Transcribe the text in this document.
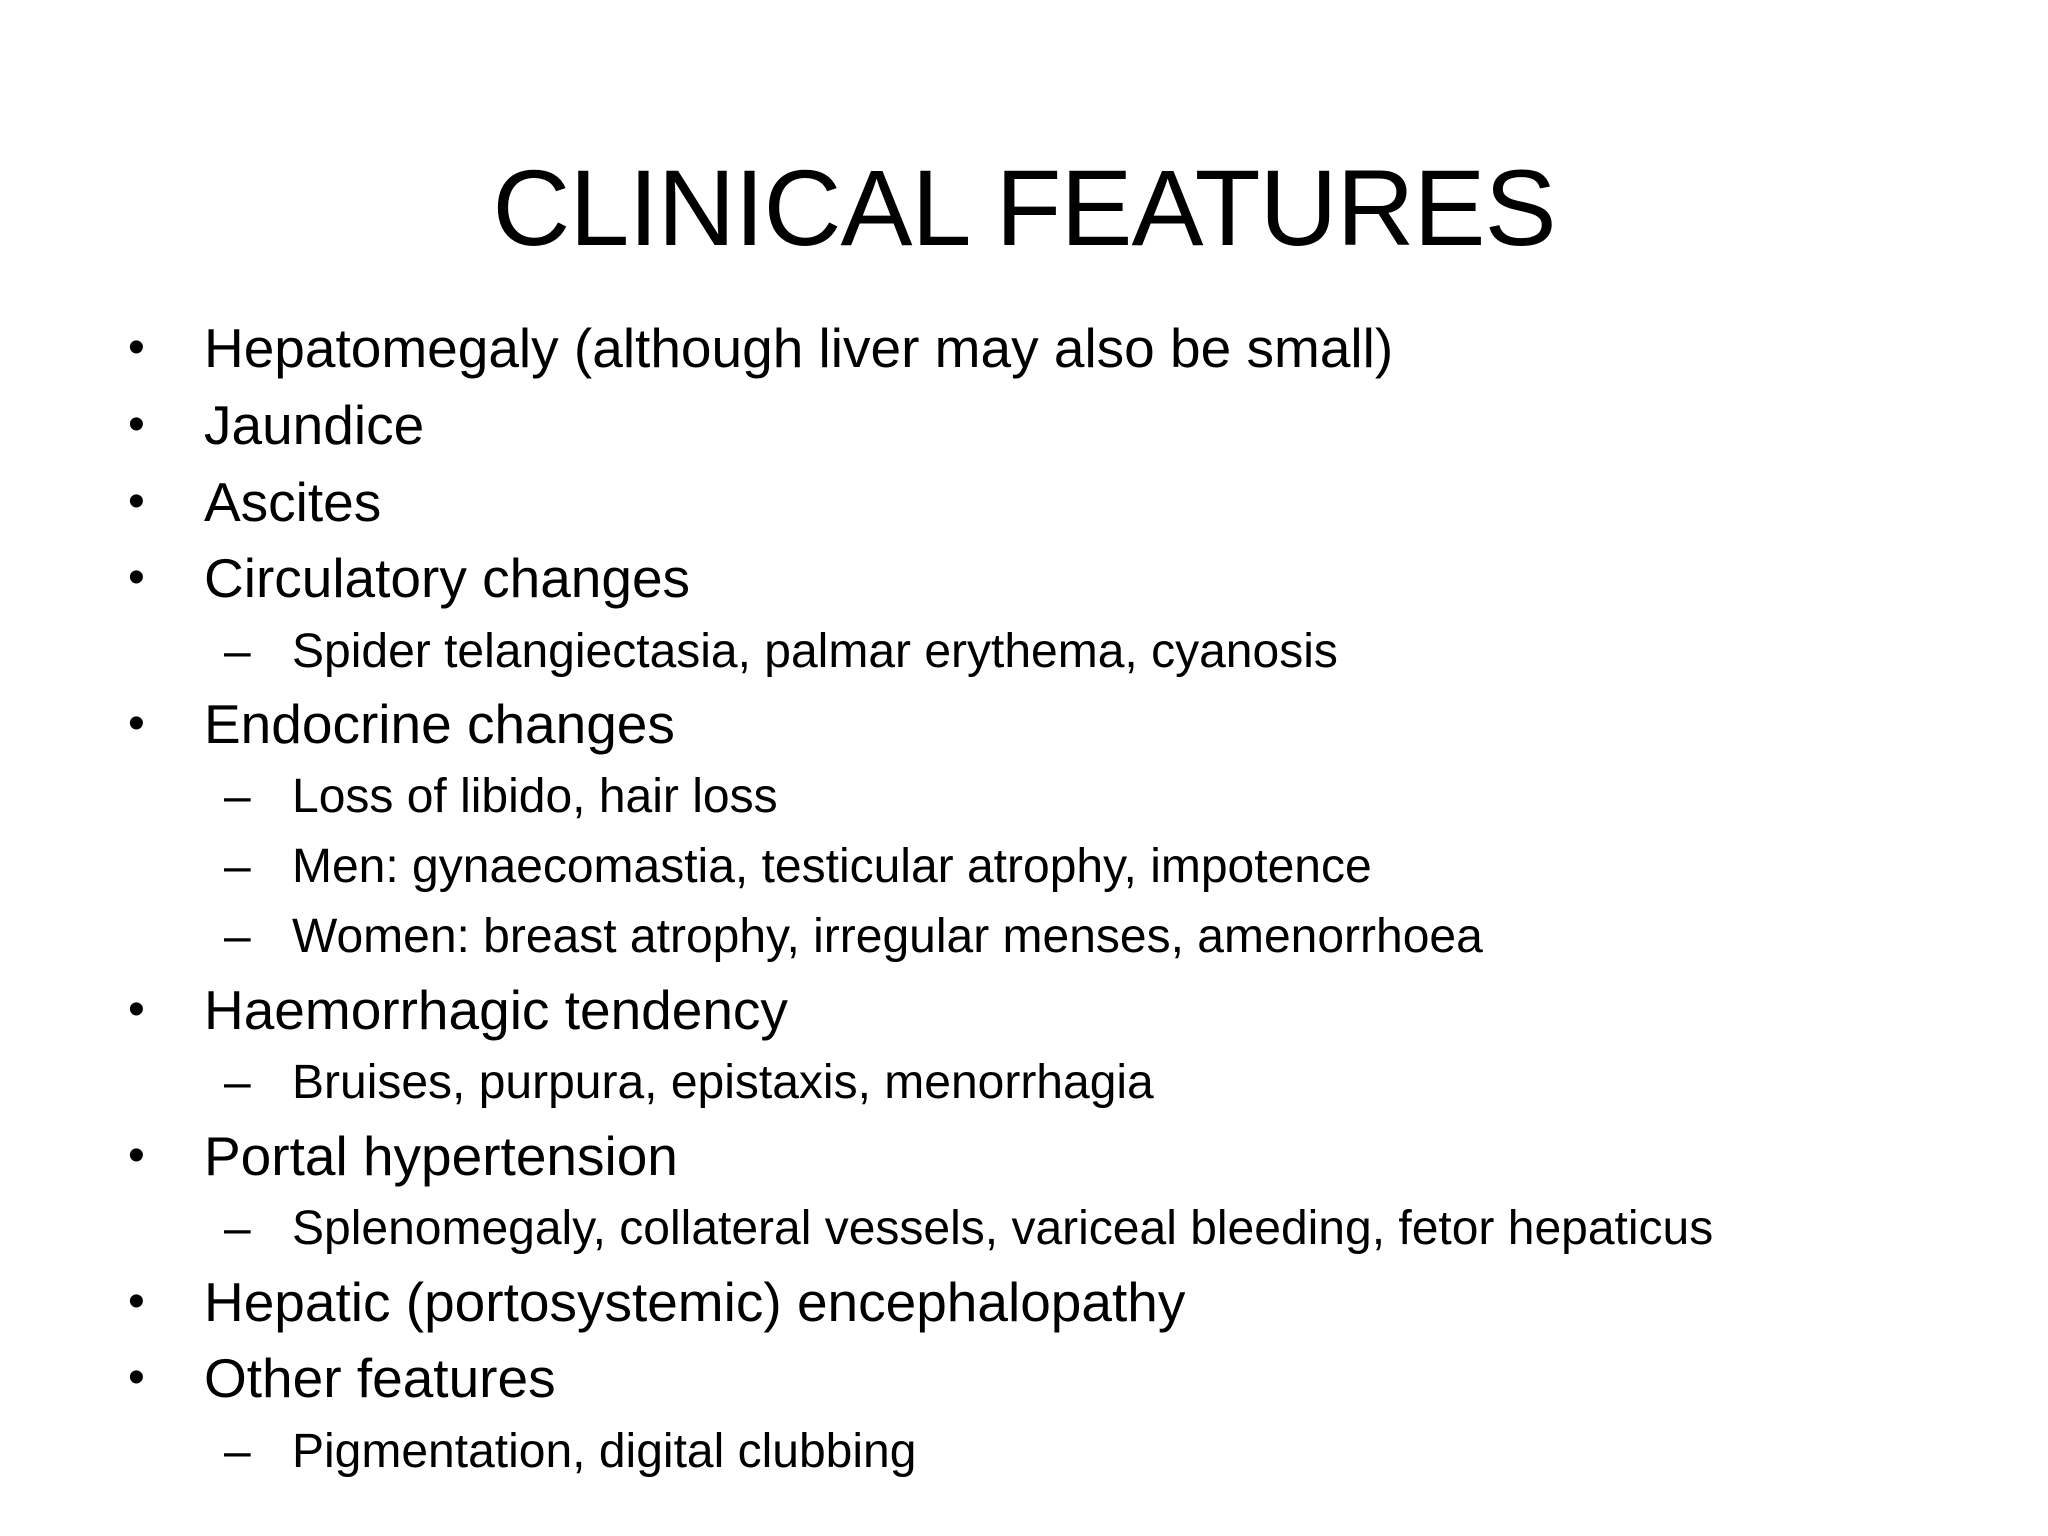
CLINICAL FEATURES
•	Hepatomegaly (although liver may also be small)
•	Jaundice
•	Ascites
•	Circulatory changes
– Spider telangiectasia, palmar erythema, cyanosis
•	Endocrine changes
– Loss of libido, hair loss
– Men: gynaecomastia, testicular atrophy, impotence
– Women: breast atrophy, irregular menses, amenorrhoea
•	Haemorrhagic tendency
– Bruises, purpura, epistaxis, menorrhagia
•	Portal hypertension
– Splenomegaly, collateral vessels, variceal bleeding, fetor hepaticus
•	Hepatic (portosystemic) encephalopathy
•	Other features
– Pigmentation, digital clubbing
